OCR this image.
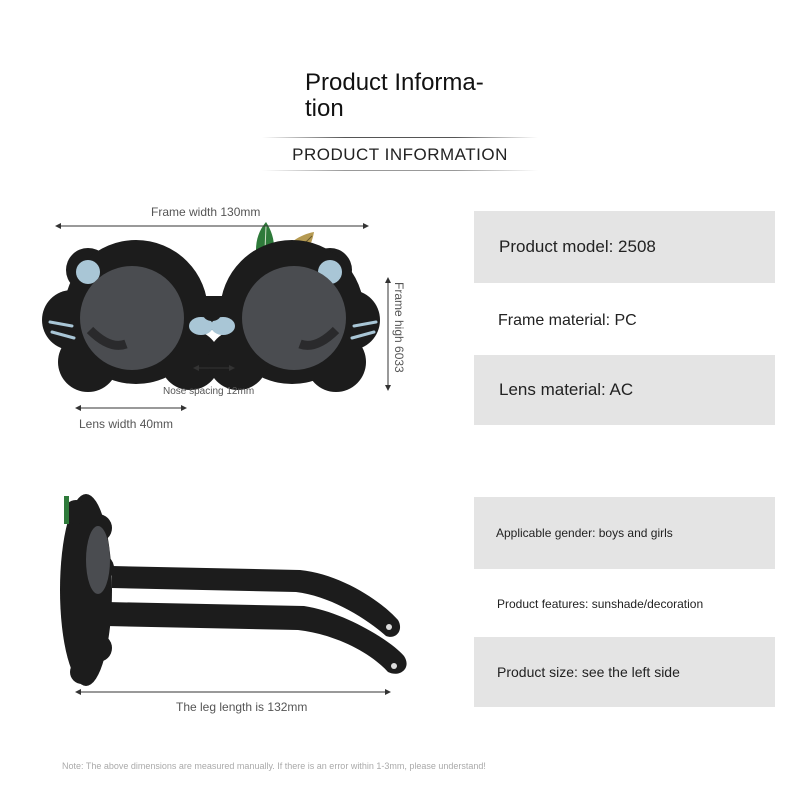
Product Informa-
tion
PRODUCT INFORMATION
Frame width 130mm
Frame high 6033
Nose spacing 12mm
Lens width 40mm
The leg length is 132mm
Product model: 2508
Frame material: PC
Lens material: AC
Applicable gender: boys and girls
Product features: sunshade/decoration
Product size: see the left side
Note: The above dimensions are measured manually. If there is an error within 1-3mm, please understand!
